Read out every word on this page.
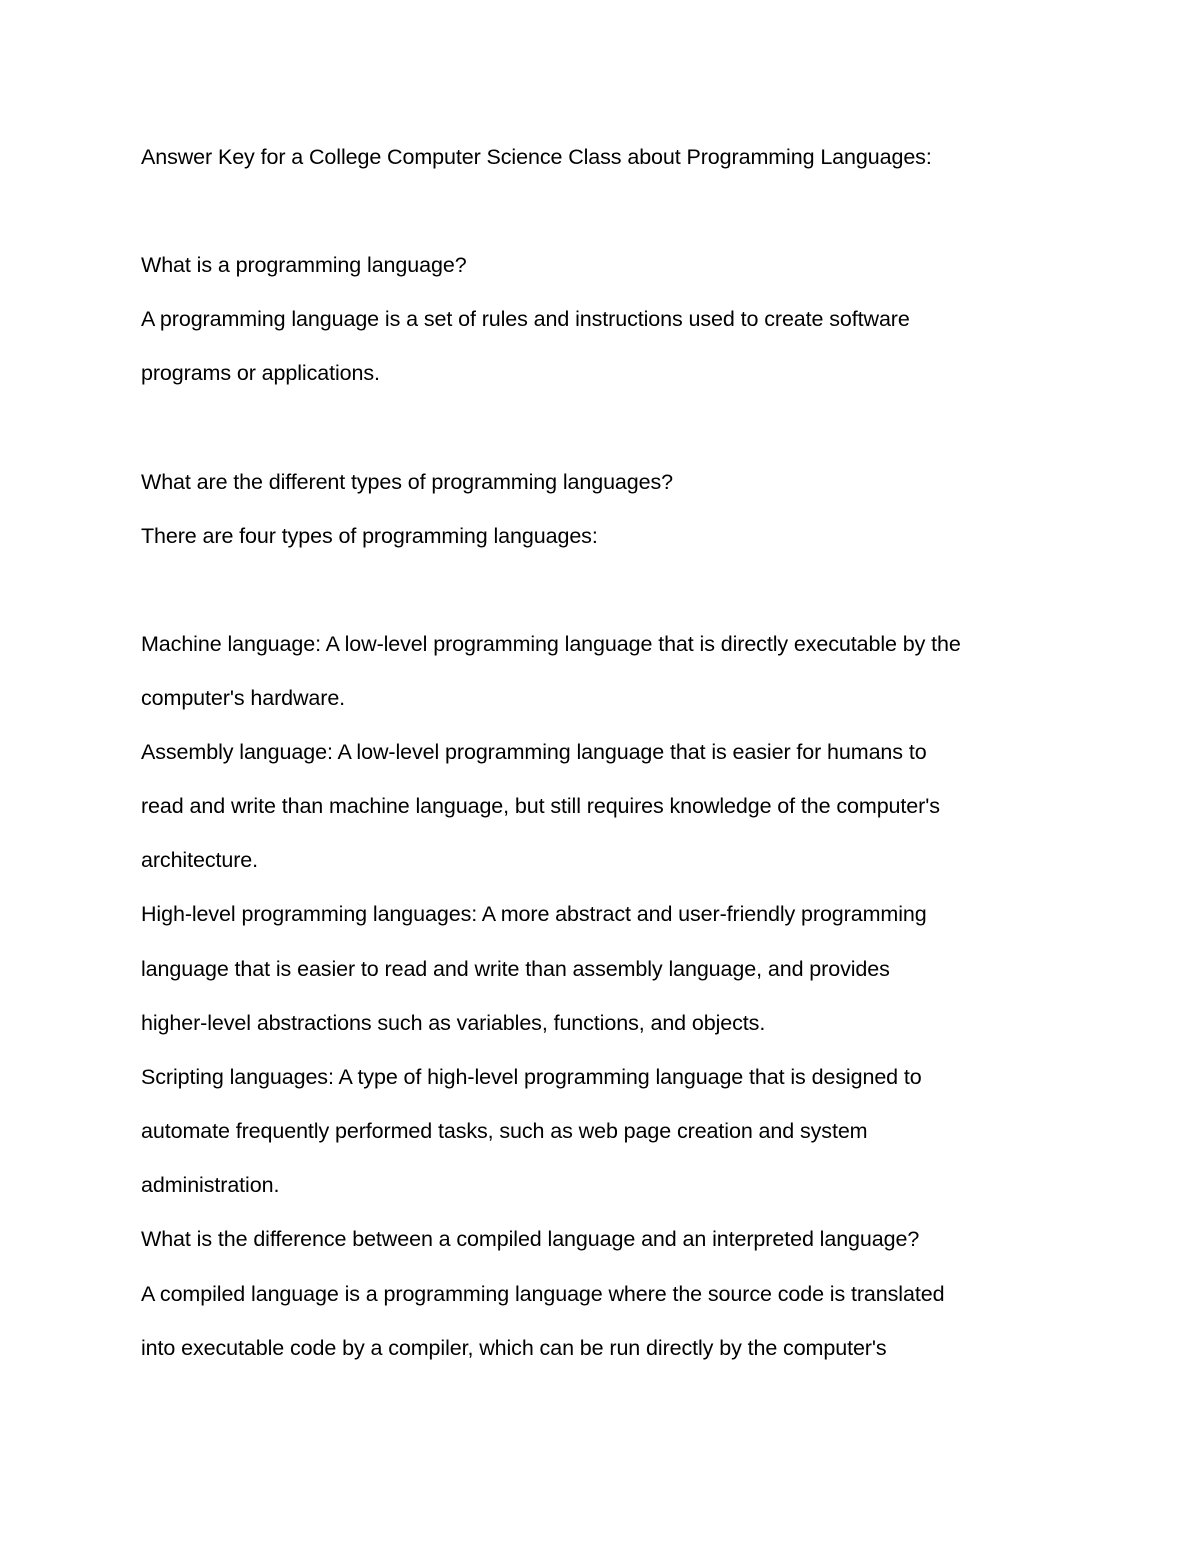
Answer Key for a College Computer Science Class about Programming Languages:

What is a programming language?

A programming language is a set of rules and instructions used to create software

programs or applications.

What are the different types of programming languages?

There are four types of programming languages:

Machine language: A low-level programming language that is directly executable by the

computer's hardware.

Assembly language: A low-level programming language that is easier for humans to

read and write than machine language, but still requires knowledge of the computer's

architecture.

High-level programming languages: A more abstract and user-friendly programming

language that is easier to read and write than assembly language, and provides

higher-level abstractions such as variables, functions, and objects.

Scripting languages: A type of high-level programming language that is designed to

automate frequently performed tasks, such as web page creation and system

administration.

What is the difference between a compiled language and an interpreted language?

A compiled language is a programming language where the source code is translated

into executable code by a compiler, which can be run directly by the computer's
